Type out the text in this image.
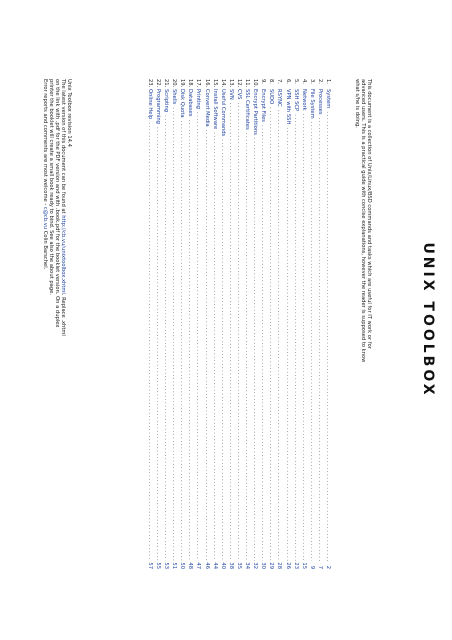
UNIX TOOLBOX
This document is a collection of Unix/Linux/BSD commands and tasks which are useful for IT work or for advanced users. This is a practical guide with concise explanations, however the reader is supposed to know what s/he is doing.
1.
System
. . .
2
2.
Processes
. . .
7
3.
File System
. . .
9
4.
Network
. . .
15
5.
SSH SCP
. . .
23
6.
VPN with SSH
. . .
26
7.
RSYNC
. . .
28
8.
SUDO
. . .
29
9.
Encrypt Files
. . .
30
10.
Encrypt Partitions
. . .
32
11.
SSL Certificates
. . .
34
12.
CVS
. . .
35
13.
SVN
. . .
38
14.
Useful Commands
. . .
40
15.
Install Software
. . .
44
16.
Convert Media
. . .
46
17.
Printing
. . .
47
18.
Databases
. . .
48
19.
Disk Quota
. . .
50
20.
Shells
. . .
51
21.
Scripting
. . .
53
22.
Programming
. . .
55
23.
Online Help
. . .
57

Unix Toolbox revision 14.4

The latest version of this document can be found at http://cb.vu/unixtoolbox.xhtml. Replace .xhtml

on the link with .pdf for the PDF version and with .book.pdf for the booklet version. On a duplex

printer the booklet will create a small book ready to bind. See also the about page.

Error reports and comments are most welcome - c@cb.vu Colin Barschel.
